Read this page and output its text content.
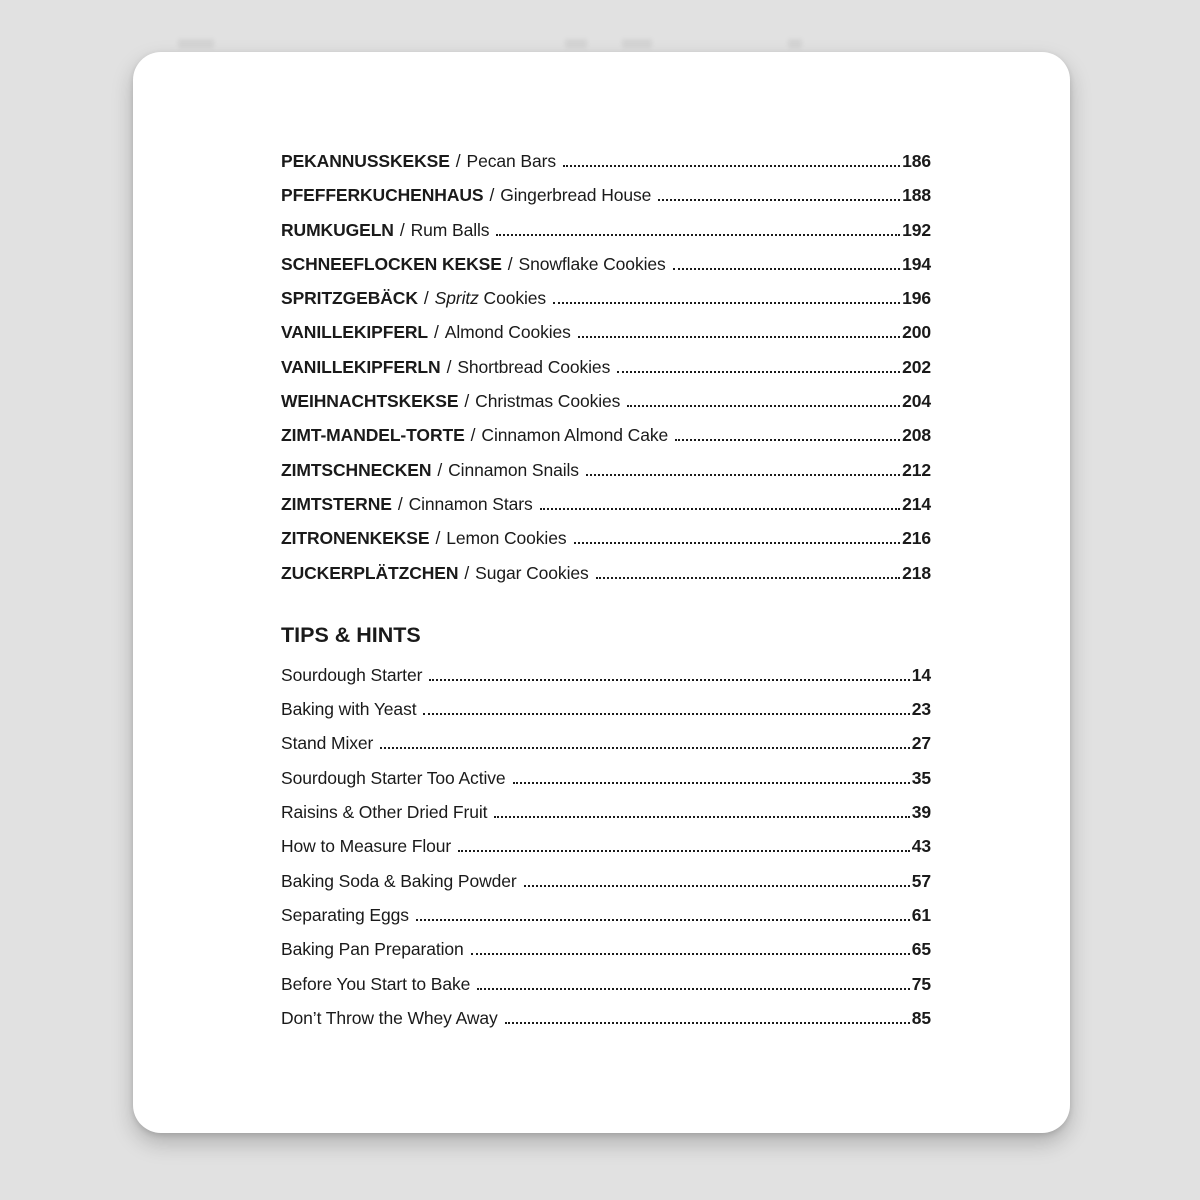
PEKANNUSSKEKSE / Pecan Bars	186
PFEFFERKUCHENHAUS / Gingerbread House	188
RUMKUGELN / Rum Balls	192
SCHNEEFLOCKEN KEKSE / Snowflake Cookies	194
SPRITZGEBÄCK / Spritz Cookies	196
VANILLEKIPFERL / Almond Cookies	200
VANILLEKIPFERLN / Shortbread Cookies	202
WEIHNACHTSKEKSE / Christmas Cookies	204
ZIMT-MANDEL-TORTE / Cinnamon Almond Cake	208
ZIMTSCHNECKEN / Cinnamon Snails	212
ZIMTSTERNE / Cinnamon Stars	214
ZITRONENKEKSE / Lemon Cookies	216
ZUCKERPLÄTZCHEN / Sugar Cookies	218
TIPS & HINTS
Sourdough Starter	14
Baking with Yeast	23
Stand Mixer	27
Sourdough Starter Too Active	35
Raisins & Other Dried Fruit	39
How to Measure Flour	43
Baking Soda & Baking Powder	57
Separating Eggs	61
Baking Pan Preparation	65
Before You Start to Bake	75
Don’t Throw the Whey Away	85
